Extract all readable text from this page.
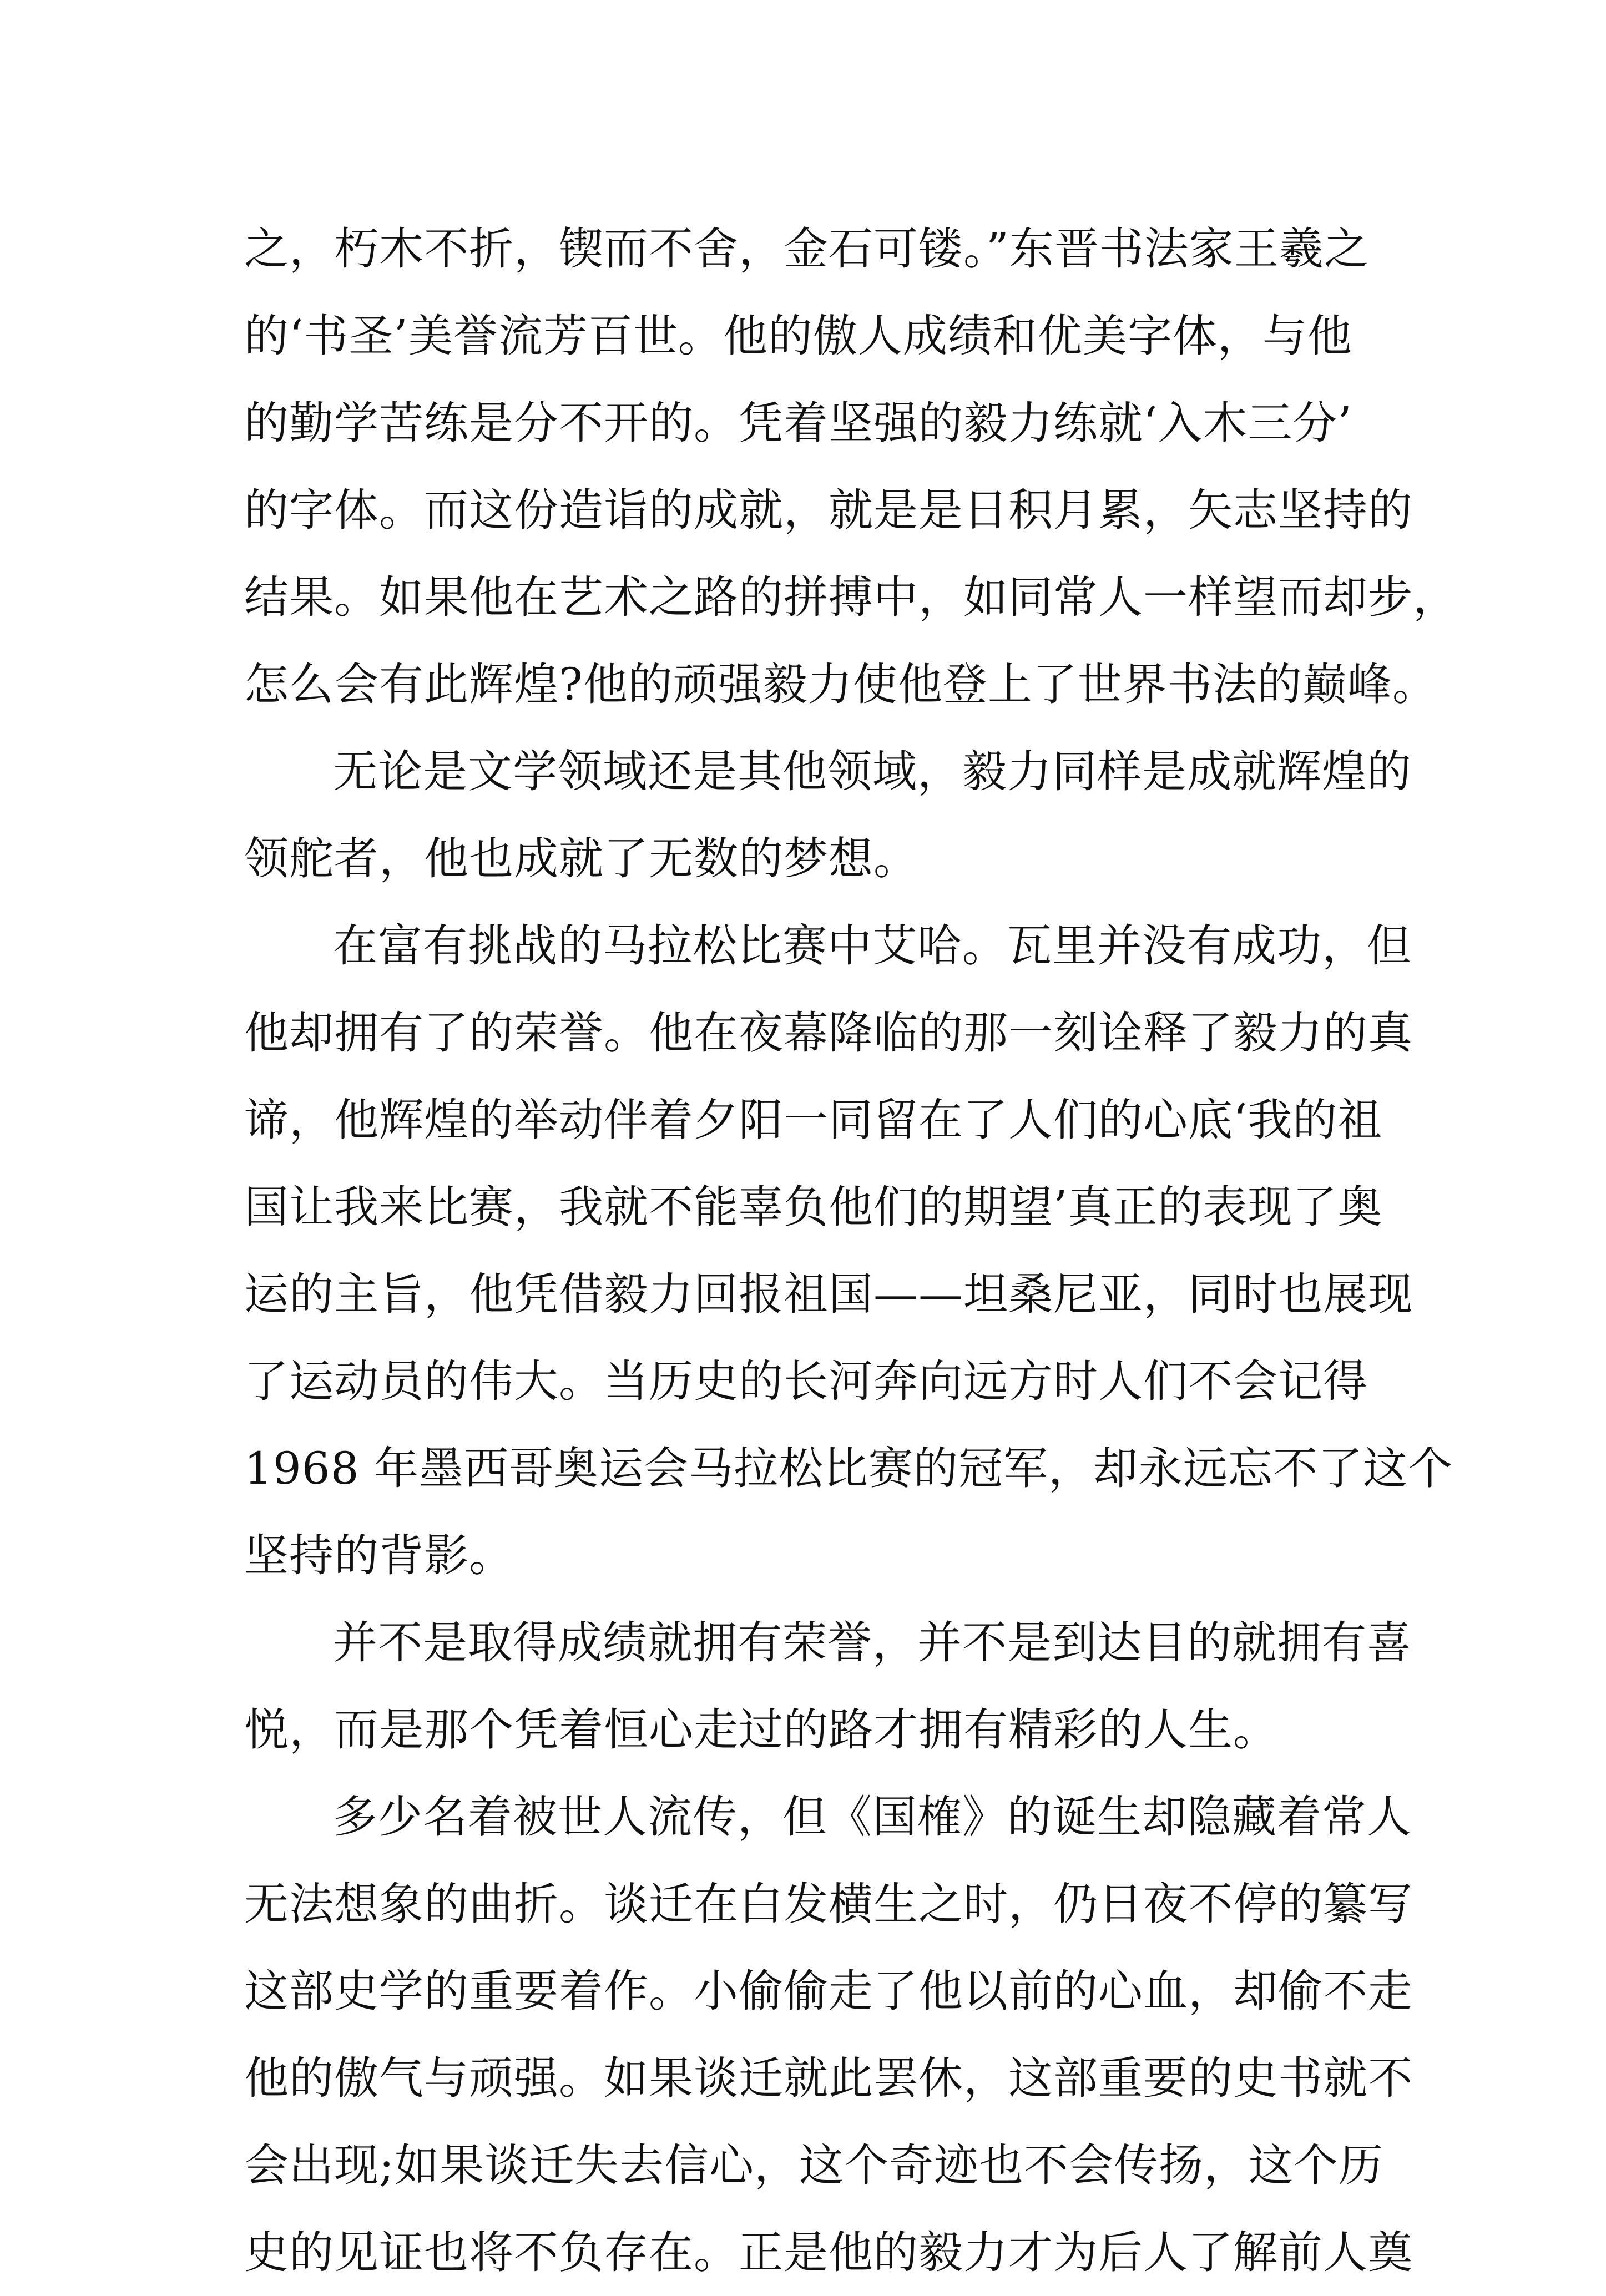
之，朽木不折，锲而不舍，金石可镂。”东晋书法家王羲之
的‘书圣’美誉流芳百世。他的傲人成绩和优美字体，与他
的勤学苦练是分不开的。凭着坚强的毅力练就‘入木三分’
的字体。而这份造诣的成就，就是是日积月累，矢志坚持的
结果。如果他在艺术之路的拼搏中，如同常人一样望而却步，
怎么会有此辉煌?他的顽强毅力使他登上了世界书法的巅峰。
无论是文学领域还是其他领域，毅力同样是成就辉煌的
领舵者，他也成就了无数的梦想。
在富有挑战的马拉松比赛中艾哈。瓦里并没有成功，但
他却拥有了的荣誉。他在夜幕降临的那一刻诠释了毅力的真
谛，他辉煌的举动伴着夕阳一同留在了人们的心底‘我的祖
国让我来比赛，我就不能辜负他们的期望’真正的表现了奥
运的主旨，他凭借毅力回报祖国——坦桑尼亚，同时也展现
了运动员的伟大。当历史的长河奔向远方时人们不会记得
1968 年墨西哥奥运会马拉松比赛的冠军，却永远忘不了这个
坚持的背影。
并不是取得成绩就拥有荣誉，并不是到达目的就拥有喜
悦，而是那个凭着恒心走过的路才拥有精彩的人生。
多少名着被世人流传，但《国榷》的诞生却隐藏着常人
无法想象的曲折。谈迁在白发横生之时，仍日夜不停的纂写
这部史学的重要着作。小偷偷走了他以前的心血，却偷不走
他的傲气与顽强。如果谈迁就此罢休，这部重要的史书就不
会出现;如果谈迁失去信心，这个奇迹也不会传扬，这个历
史的见证也将不负存在。正是他的毅力才为后人了解前人奠
